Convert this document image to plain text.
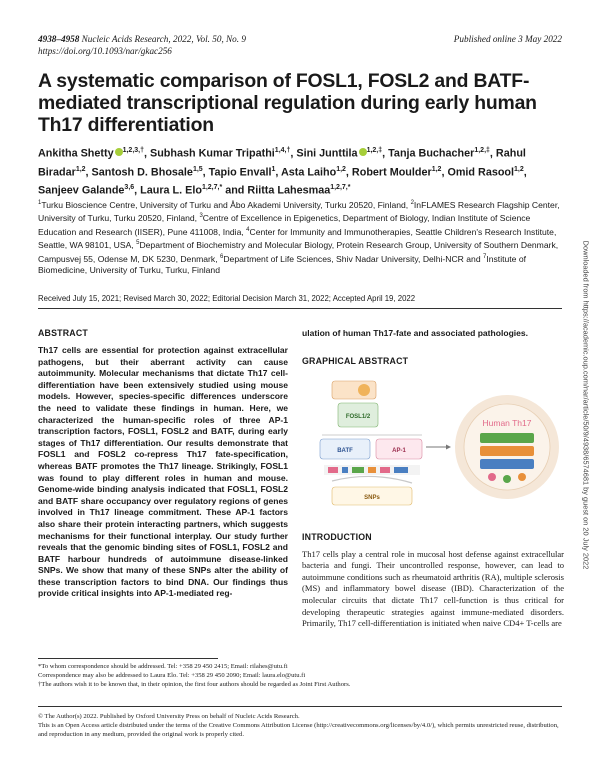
4938–4958 Nucleic Acids Research, 2022, Vol. 50, No. 9
https://doi.org/10.1093/nar/gkac256
Published online 3 May 2022
A systematic comparison of FOSL1, FOSL2 and BATF-mediated transcriptional regulation during early human Th17 differentiation
Ankitha Shetty $^{1,2,3,\dagger}$, Subhash Kumar Tripathi$^{1,4,\dagger}$, Sini Junttila $^{1,2,\ddagger}$, Tanja Buchacher$^{1,2,\ddagger}$, Rahul Biradar$^{1,2}$, Santosh D. Bhosale$^{1,5}$, Tapio Envall$^1$, Asta Laiho$^{1,2}$, Robert Moulder$^{1,2}$, Omid Rasool$^{1,2}$, Sanjeev Galande$^{3,6}$, Laura L. Elo$^{1,2,7,*}$ and Riitta Lahesmaa$^{1,2,7,*}$
$^1$Turku Bioscience Centre, University of Turku and Åbo Akademi University, Turku 20520, Finland, $^2$InFLAMES Research Flagship Center, University of Turku, Turku 20520, Finland, $^3$Centre of Excellence in Epigenetics, Department of Biology, Indian Institute of Science Education and Research (IISER), Pune 411008, India, $^4$Center for Immunity and Immunotherapies, Seattle Children's Research Institute, Seattle, WA 98101, USA, $^5$Department of Biochemistry and Molecular Biology, Protein Research Group, University of Southern Denmark, Campusvej 55, Odense M, DK 5230, Denmark, $^6$Department of Life Sciences, Shiv Nadar University, Delhi-NCR and $^7$Institute of Biomedicine, University of Turku, Turku, Finland
Received July 15, 2021; Revised March 30, 2022; Editorial Decision March 31, 2022; Accepted April 19, 2022
ABSTRACT
Th17 cells are essential for protection against extracellular pathogens, but their aberrant activity can cause autoimmunity. Molecular mechanisms that dictate Th17 cell-differentiation have been extensively studied using mouse models. However, species-specific differences underscore the need to validate these findings in human. Here, we characterized the human-specific roles of three AP-1 transcription factors, FOSL1, FOSL2 and BATF, during early stages of Th17 differentiation. Our results demonstrate that FOSL1 and FOSL2 co-repress Th17 fate-specification, whereas BATF promotes the Th17 lineage. Strikingly, FOSL1 was found to play different roles in human and mouse. Genome-wide binding analysis indicated that FOSL1, FOSL2 and BATF share occupancy over regulatory regions of genes involved in Th17 lineage commitment. These AP-1 factors also share their protein interacting partners, which suggests mechanisms for their functional interplay. Our study further reveals that the genomic binding sites of FOSL1, FOSL2 and BATF harbour hundreds of autoimmune disease-linked SNPs. We show that many of these SNPs alter the ability of these transcription factors to bind DNA. Our findings thus provide critical insights into AP-1-mediated reg-
ulation of human Th17-fate and associated pathologies.
GRAPHICAL ABSTRACT
FOSL1/2
BATF	AP-1
SNPs
Human Th17
INTRODUCTION
Th17 cells play a central role in mucosal host defense against extracellular bacteria and fungi. Their uncontrolled response, however, can lead to autoimmune conditions such as rheumatoid arthritis (RA), multiple sclerosis (MS) and inflammatory bowel disease (IBD). Characterization of the molecular circuits that dictate Th17 cell-function is thus critical for developing therapeutic strategies against immune-mediated disorders. Primarily, Th17 cell-differentiation is initiated when naive CD4+ T-cells are
*To whom correspondence should be addressed. Tel: +358 29 450 2415; Email: rilahes@utu.fi
Correspondence may also be addressed to Laura Elo. Tel: +358 29 450 2090; Email: laura.elo@utu.fi
†The authors wish it to be known that, in their opinion, the first four authors should be regarded as Joint First Authors.
© The Author(s) 2022. Published by Oxford University Press on behalf of Nucleic Acids Research.
This is an Open Access article distributed under the terms of the Creative Commons Attribution License (http://creativecommons.org/licenses/by/4.0/), which permits unrestricted reuse, distribution, and reproduction in any medium, provided the original work is properly cited.
Downloaded from https://academic.oup.com/nar/article/50/9/4938/6574681 by guest on 20 July 2022
